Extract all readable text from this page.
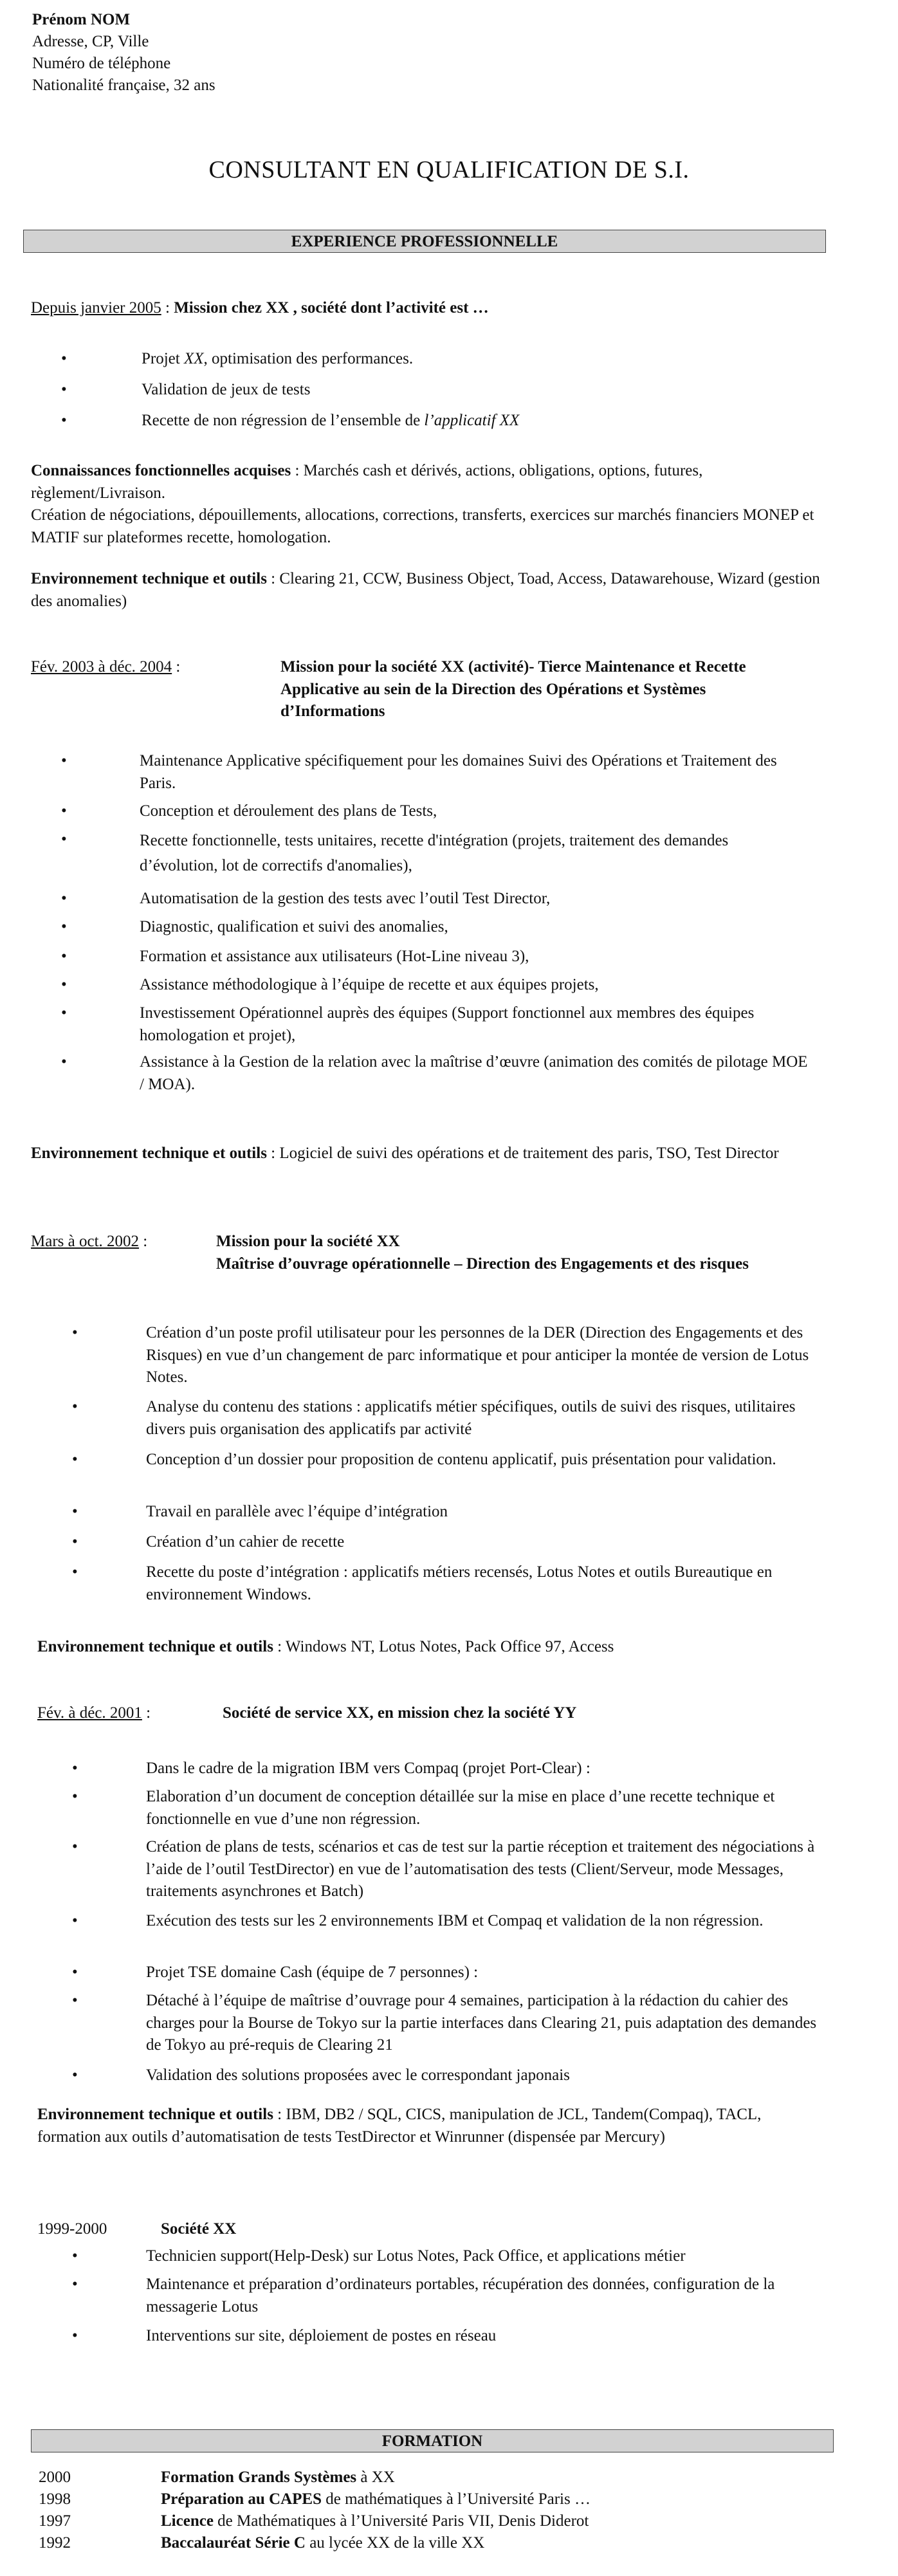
Prénom NOM
Adresse, CP, Ville
Numéro de téléphone
Nationalité française, 32 ans
CONSULTANT EN QUALIFICATION DE S.I.
EXPERIENCE PROFESSIONNELLE
Depuis janvier 2005 : Mission chez XX , société dont l’activité est …
•	Projet XX, optimisation des performances.
•	Validation de jeux de tests
•	Recette de non régression de l’ensemble de l’applicatif XX
Connaissances fonctionnelles acquises : Marchés cash et dérivés, actions, obligations, options, futures, règlement/Livraison.
Création de négociations, dépouillements, allocations, corrections, transferts, exercices sur marchés financiers MONEP et MATIF sur plateformes recette, homologation.
Environnement technique et outils : Clearing 21, CCW, Business Object, Toad, Access, Datawarehouse, Wizard (gestion des anomalies)
Fév. 2003 à déc. 2004 :	Mission pour la société XX (activité)- Tierce Maintenance et Recette Applicative au sein de la Direction des Opérations et Systèmes d’Informations
•	Maintenance Applicative spécifiquement pour les domaines Suivi des Opérations et Traitement des Paris.
•	Conception et déroulement des plans de Tests,
•	Recette fonctionnelle, tests unitaires, recette d'intégration (projets, traitement des demandes d’évolution, lot de correctifs d'anomalies),
•	Automatisation de la gestion des tests avec l’outil Test Director,
•	Diagnostic, qualification et suivi des anomalies,
•	Formation et assistance aux utilisateurs (Hot-Line niveau 3),
•	Assistance méthodologique à l’équipe de recette et aux équipes projets,
•	Investissement Opérationnel auprès des équipes (Support fonctionnel aux membres des équipes homologation et projet),
•	Assistance à la Gestion de la relation avec la maîtrise d’œuvre (animation des comités de pilotage MOE / MOA).
Environnement technique et outils : Logiciel de suivi des opérations et de traitement des paris, TSO, Test Director
Mars à oct. 2002 :	Mission pour la société XX
Maîtrise d’ouvrage opérationnelle – Direction des Engagements et des risques
•	Création d’un poste profil utilisateur pour les personnes de la DER (Direction des Engagements et des Risques) en vue d’un changement de parc informatique et pour anticiper la montée de version de Lotus Notes.
•	Analyse du contenu des stations : applicatifs métier spécifiques, outils de suivi des risques, utilitaires divers puis organisation des applicatifs par activité
•	Conception d’un dossier pour proposition de contenu applicatif, puis présentation pour validation.
•	Travail en parallèle avec l’équipe d’intégration
•	Création d’un cahier de recette
•	Recette du poste d’intégration : applicatifs métiers recensés, Lotus Notes et outils Bureautique en environnement Windows.
Environnement technique et outils : Windows NT, Lotus Notes, Pack Office 97, Access
Fév. à déc. 2001 :	Société de service XX, en mission chez la société YY
•	Dans le cadre de la migration IBM vers Compaq (projet Port-Clear) :
•	Elaboration d’un document de conception détaillée sur la mise en place d’une recette technique et fonctionnelle en vue d’une non régression.
•	Création de plans de tests, scénarios et cas de test sur la partie réception et traitement des négociations à l’aide de l’outil TestDirector) en vue de l’automatisation des tests (Client/Serveur, mode Messages, traitements asynchrones et Batch)
•	Exécution des tests sur les 2 environnements IBM et Compaq et validation de la non régression.
•	Projet TSE domaine Cash (équipe de 7 personnes) :
•	Détaché à l’équipe de maîtrise d’ouvrage pour 4 semaines, participation à la rédaction du cahier des charges pour la Bourse de Tokyo sur la partie interfaces dans Clearing 21, puis adaptation des demandes de Tokyo au pré-requis de Clearing 21
•	Validation des solutions proposées avec le correspondant japonais
Environnement technique et outils : IBM, DB2 / SQL, CICS, manipulation de JCL, Tandem(Compaq), TACL, formation aux outils d’automatisation de tests TestDirector et Winrunner (dispensée par Mercury)
1999-2000	Société XX
•	Technicien support(Help-Desk) sur Lotus Notes, Pack Office, et applications métier
•	Maintenance et préparation d’ordinateurs portables, récupération des données, configuration de la messagerie Lotus
•	Interventions sur site, déploiement de postes en réseau
FORMATION
2000	Formation Grands Systèmes à XX
1998	Préparation au CAPES de mathématiques à l’Université Paris …
1997	Licence de Mathématiques à l’Université Paris VII, Denis Diderot
1992	Baccalauréat Série C au lycée XX de la ville XX
